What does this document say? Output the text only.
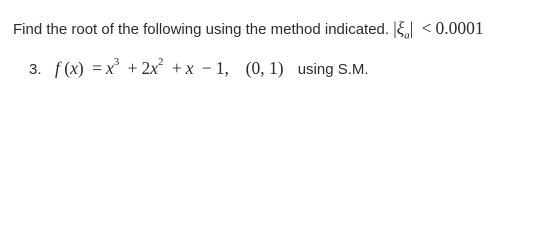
Find the root of the following using the method indicated. $|\xi_a| < 0.0001$
3. f $(x) = x^3 + 2x^2 + x - 1$, (0, 1) using S.M.
